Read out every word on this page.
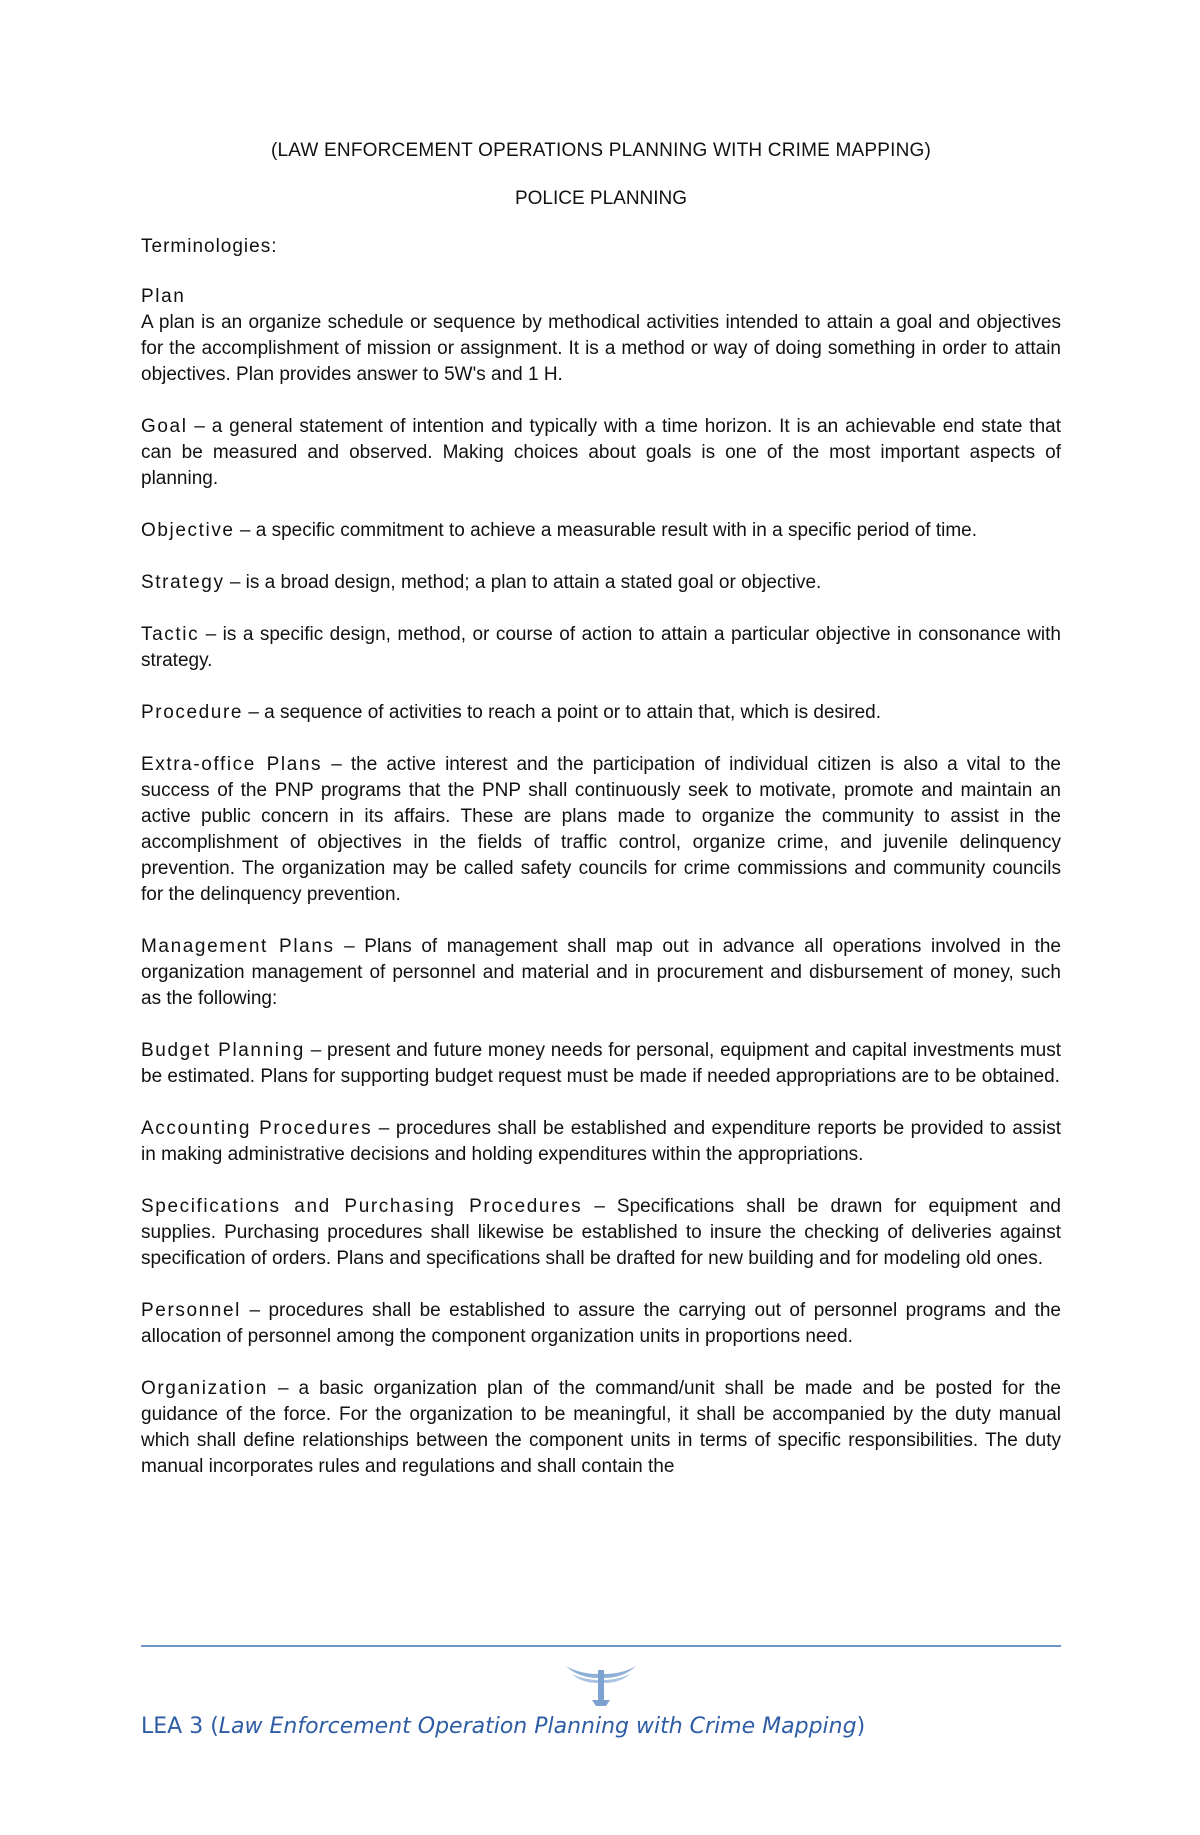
(LAW ENFORCEMENT OPERATIONS PLANNING WITH CRIME MAPPING)

POLICE PLANNING

Terminologies:

Plan
A plan is an organize schedule or sequence by methodical activities intended to attain a goal and objectives for the accomplishment of mission or assignment. It is a method or way of doing something in order to attain objectives. Plan provides answer to 5W's and 1 H.

Goal – a general statement of intention and typically with a time horizon. It is an achievable end state that can be measured and observed. Making choices about goals is one of the most important aspects of planning.

Objective – a specific commitment to achieve a measurable result with in a specific period of time.

Strategy – is a broad design, method; a plan to attain a stated goal or objective.

Tactic – is a specific design, method, or course of action to attain a particular objective in consonance with strategy.

Procedure – a sequence of activities to reach a point or to attain that, which is desired.

Extra-office Plans – the active interest and the participation of individual citizen is also a vital to the success of the PNP programs that the PNP shall continuously seek to motivate, promote and maintain an active public concern in its affairs. These are plans made to organize the community to assist in the accomplishment of objectives in the fields of traffic control, organize crime, and juvenile delinquency prevention. The organization may be called safety councils for crime commissions and community councils for the delinquency prevention.

Management Plans – Plans of management shall map out in advance all operations involved in the organization management of personnel and material and in procurement and disbursement of money, such as the following:

Budget Planning – present and future money needs for personal, equipment and capital investments must be estimated. Plans for supporting budget request must be made if needed appropriations are to be obtained.

Accounting Procedures – procedures shall be established and expenditure reports be provided to assist in making administrative decisions and holding expenditures within the appropriations.

Specifications and Purchasing Procedures – Specifications shall be drawn for equipment and supplies. Purchasing procedures shall likewise be established to insure the checking of deliveries against specification of orders. Plans and specifications shall be drafted for new building and for modeling old ones.

Personnel – procedures shall be established to assure the carrying out of personnel programs and the allocation of personnel among the component organization units in proportions need.

Organization – a basic organization plan of the command/unit shall be made and be posted for the guidance of the force. For the organization to be meaningful, it shall be accompanied by the duty manual which shall define relationships between the component units in terms of specific responsibilities. The duty manual incorporates rules and regulations and shall contain the

LEA 3 (Law Enforcement Operation Planning with Crime Mapping)
